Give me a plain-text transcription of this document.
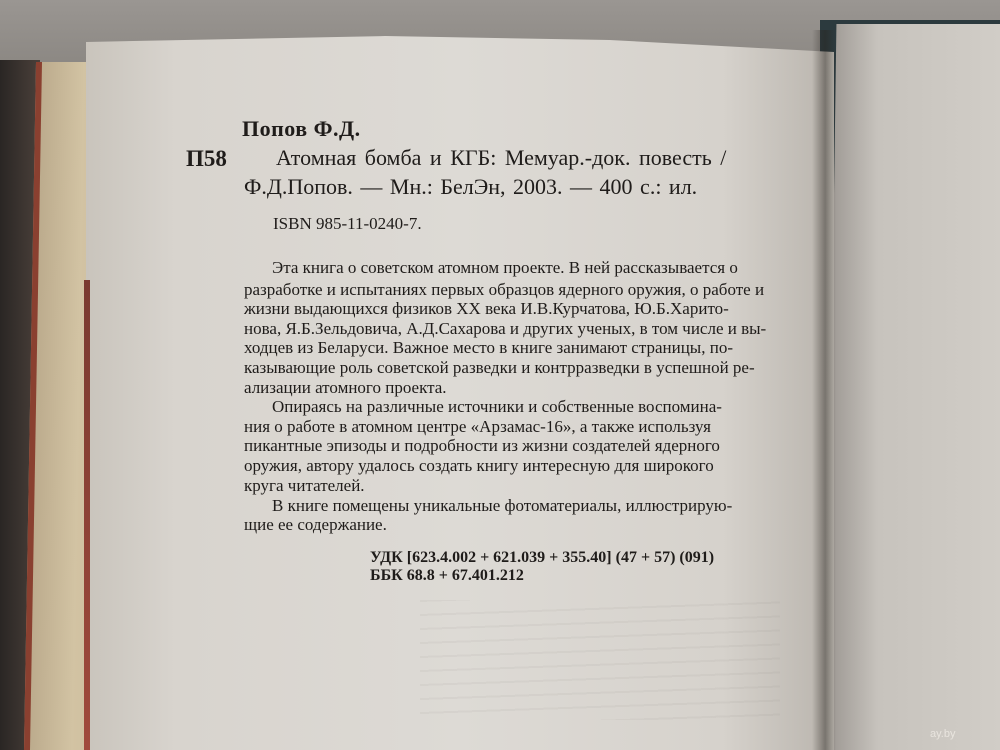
Попов Ф.Д.
П58 Атомная бомба и КГБ: Мемуар.-док. повесть /
Ф.Д.Попов. — Мн.: БелЭн, 2003. — 400 с.: ил.
ISBN 985-11-0240-7.
Эта книга о советском атомном проекте. В ней рассказывается о
разработке и испытаниях первых образцов ядерного оружия, о работе и
жизни выдающихся физиков XX века И.В.Курчатова, Ю.Б.Харито-
нова, Я.Б.Зельдовича, А.Д.Сахарова и других ученых, в том числе и вы-
ходцев из Беларуси. Важное место в книге занимают страницы, по-
казывающие роль советской разведки и контрразведки в успешной ре-
ализации атомного проекта.
Опираясь на различные источники и собственные воспомина-
ния о работе в атомном центре «Арзамас-16», а также используя
пикантные эпизоды и подробности из жизни создателей ядерного
оружия, автору удалось создать книгу интересную для широкого
круга читателей.
В книге помещены уникальные фотоматериалы, иллюстрирую-
щие ее содержание.
УДК [623.4.002 + 621.039 + 355.40] (47 + 57) (091)
ББК 68.8 + 67.401.212
ay.by
